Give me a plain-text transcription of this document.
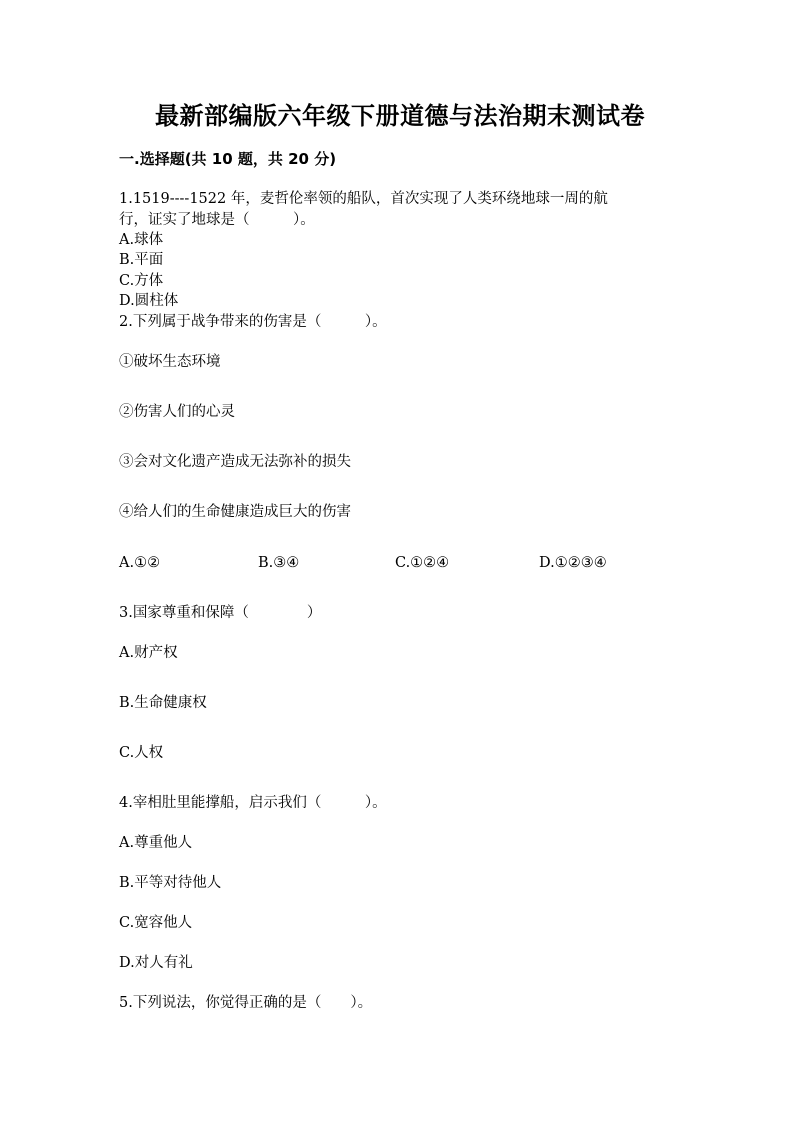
最新部编版六年级下册道德与法治期末测试卷
一.选择题(共 10 题，共 20 分)
1.1519----1522 年，麦哲伦率领的船队，首次实现了人类环绕地球一周的航
行，证实了地球是（　　　）。
A.球体
B.平面
C.方体
D.圆柱体
2.下列属于战争带来的伤害是（　　　）。
①破坏生态环境
②伤害人们的心灵
③会对文化遗产造成无法弥补的损失
④给人们的生命健康造成巨大的伤害
A.①②	B.③④	C.①②④	D.①②③④
3.国家尊重和保障（　　　　）
A.财产权
B.生命健康权
C.人权
4.宰相肚里能撑船，启示我们（　　　）。
A.尊重他人
B.平等对待他人
C.宽容他人
D.对人有礼
5.下列说法，你觉得正确的是（　　）。
